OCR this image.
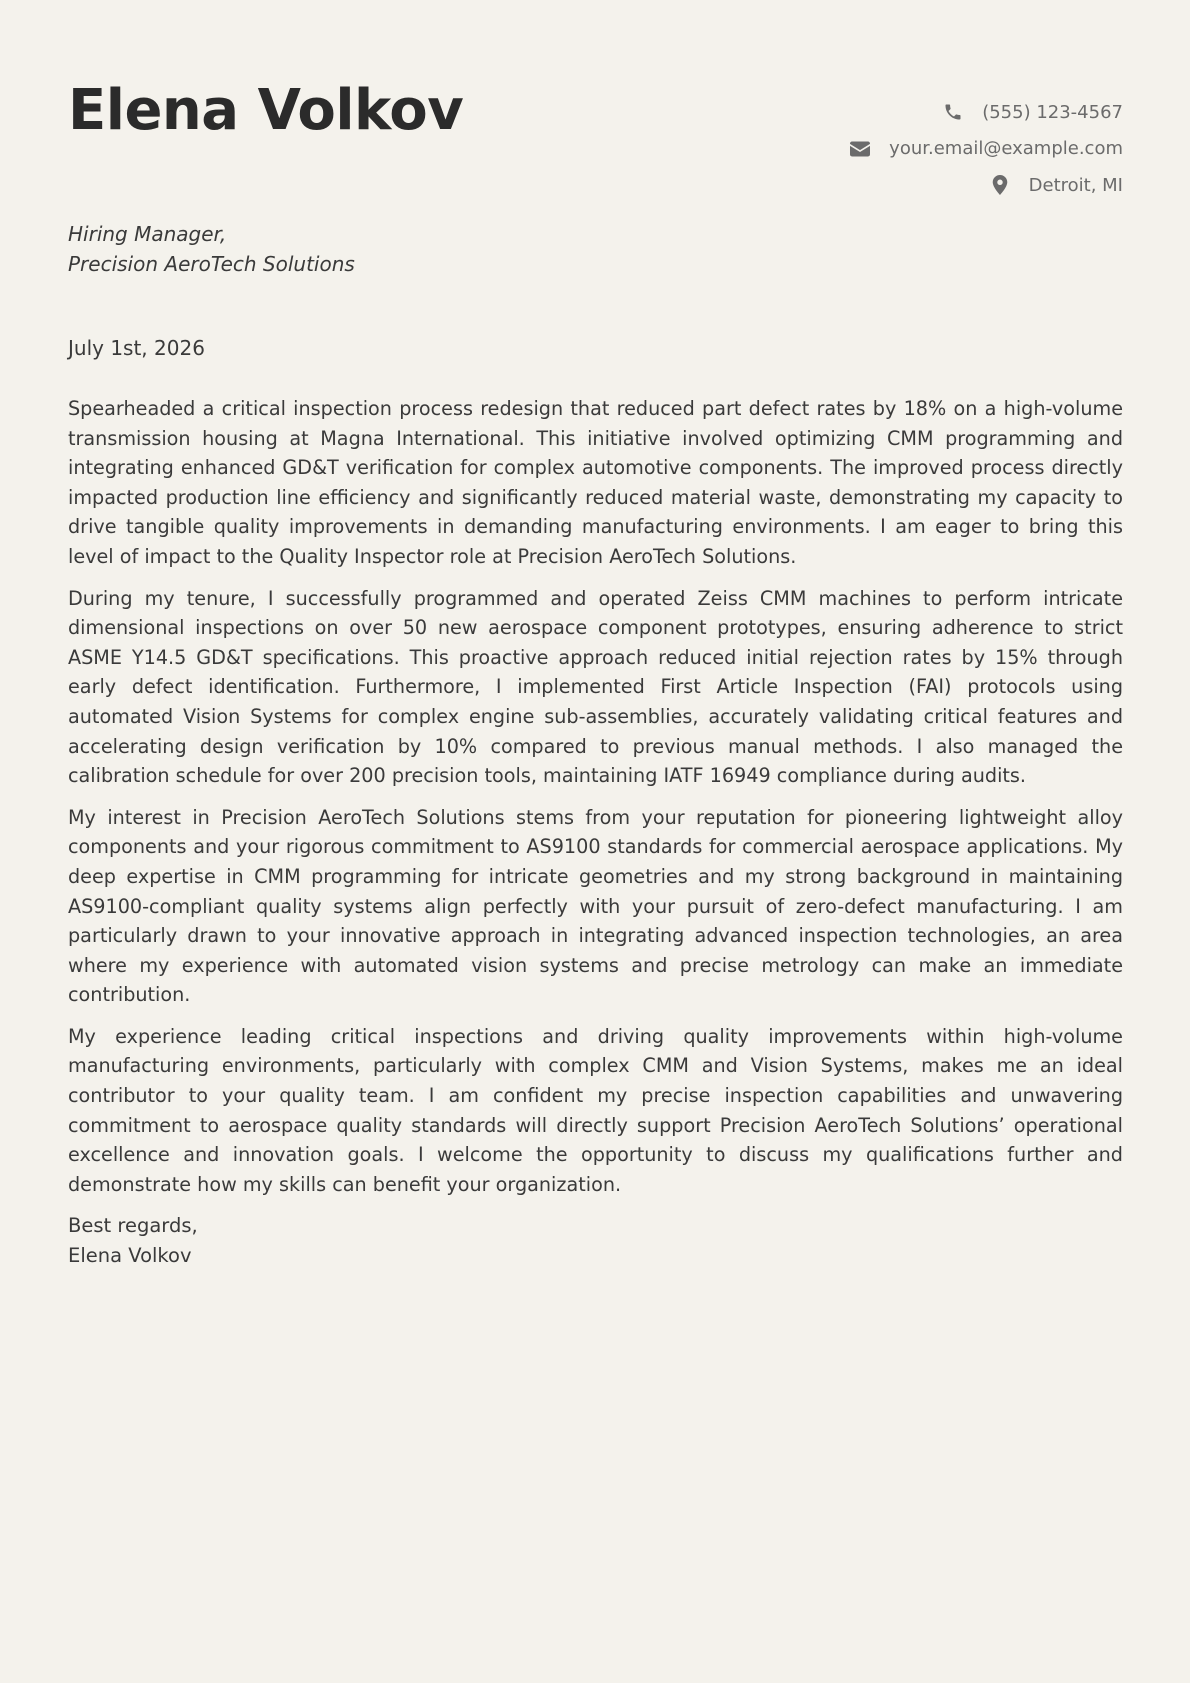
Elena Volkov	(555) 123-4567
your.email@example.com
Detroit, MI
Hiring Manager,
Precision AeroTech Solutions
July 1st, 2026

Spearheaded a critical inspection process redesign that reduced part defect rates by 18% on a high-volume transmission housing at Magna International. This initiative involved optimizing CMM programming and integrating enhanced GD&T verification for complex automotive components. The improved process directly impacted production line efficiency and significantly reduced material waste, demonstrating my capacity to drive tangible quality improvements in demanding manufacturing environments. I am eager to bring this level of impact to the Quality Inspector role at Precision AeroTech Solutions.

During my tenure, I successfully programmed and operated Zeiss CMM machines to perform intricate dimensional inspections on over 50 new aerospace component prototypes, ensuring adherence to strict ASME Y14.5 GD&T specifications. This proactive approach reduced initial rejection rates by 15% through early defect identification. Furthermore, I implemented First Article Inspection (FAI) protocols using automated Vision Systems for complex engine sub-assemblies, accurately validating critical features and accelerating design verification by 10% compared to previous manual methods. I also managed the calibration schedule for over 200 precision tools, maintaining IATF 16949 compliance during audits.

My interest in Precision AeroTech Solutions stems from your reputation for pioneering lightweight alloy components and your rigorous commitment to AS9100 standards for commercial aerospace applications. My deep expertise in CMM programming for intricate geometries and my strong background in maintaining AS9100-compliant quality systems align perfectly with your pursuit of zero-defect manufacturing. I am particularly drawn to your innovative approach in integrating advanced inspection technologies, an area where my experience with automated vision systems and precise metrology can make an immediate contribution.

My experience leading critical inspections and driving quality improvements within high-volume manufacturing environments, particularly with complex CMM and Vision Systems, makes me an ideal contributor to your quality team. I am confident my precise inspection capabilities and unwavering commitment to aerospace quality standards will directly support Precision AeroTech Solutions’ operational excellence and innovation goals. I welcome the opportunity to discuss my qualifications further and demonstrate how my skills can benefit your organization.

Best regards,
Elena Volkov
